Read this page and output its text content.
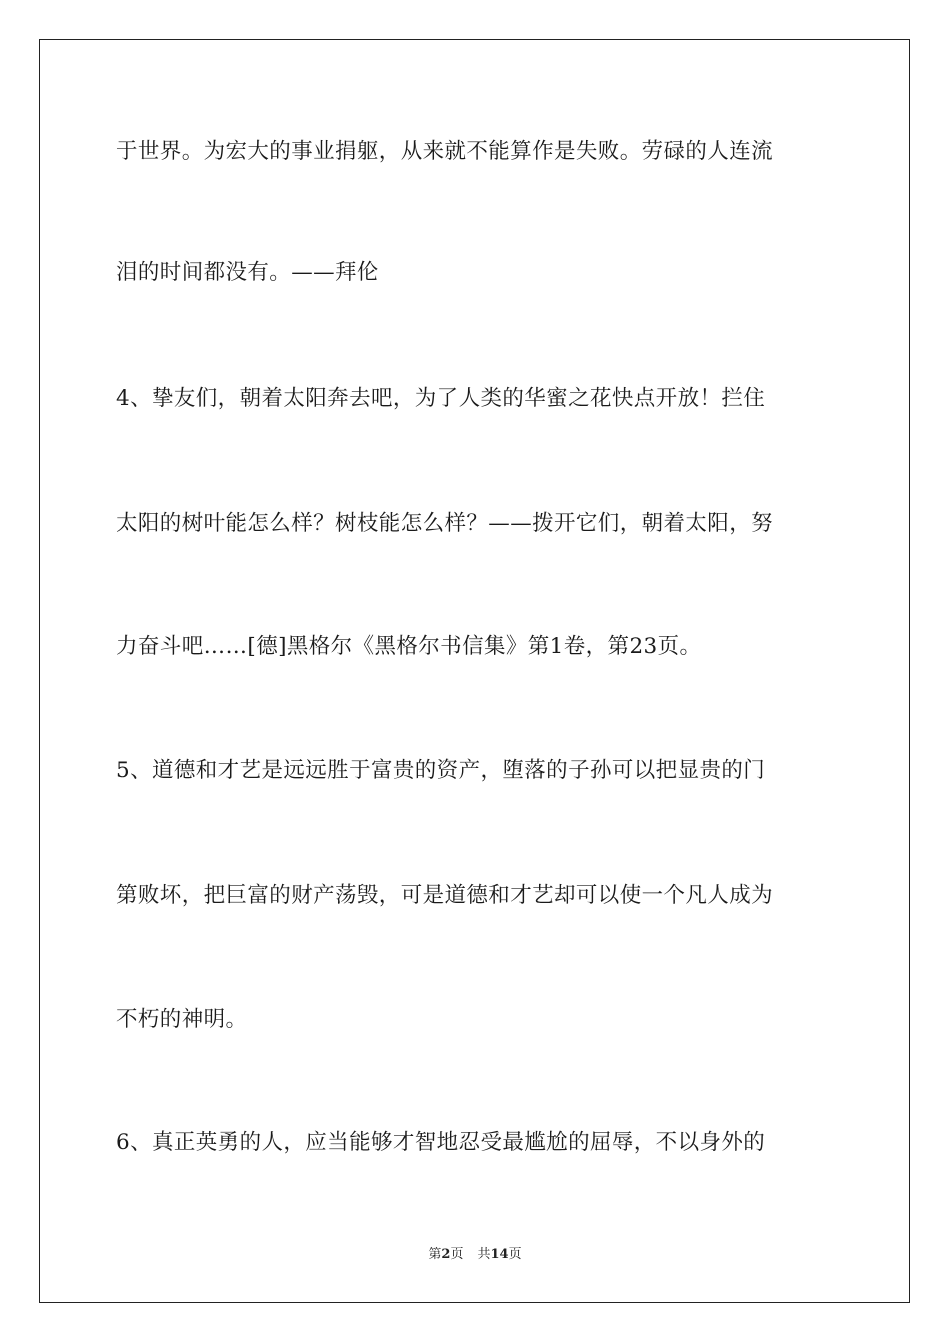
于世界。为宏大的事业捐躯，从来就不能算作是失败。劳碌的人连流
泪的时间都没有。——拜伦
4、挚友们，朝着太阳奔去吧，为了人类的华蜜之花快点开放！拦住
太阳的树叶能怎么样？树枝能怎么样？——拨开它们，朝着太阳，努
力奋斗吧……[德]黑格尔《黑格尔书信集》第1卷，第23页。
5、道德和才艺是远远胜于富贵的资产，堕落的子孙可以把显贵的门
第败坏，把巨富的财产荡毁，可是道德和才艺却可以使一个凡人成为
不朽的神明。
6、真正英勇的人，应当能够才智地忍受最尴尬的屈辱，不以身外的
第2页 共14页
